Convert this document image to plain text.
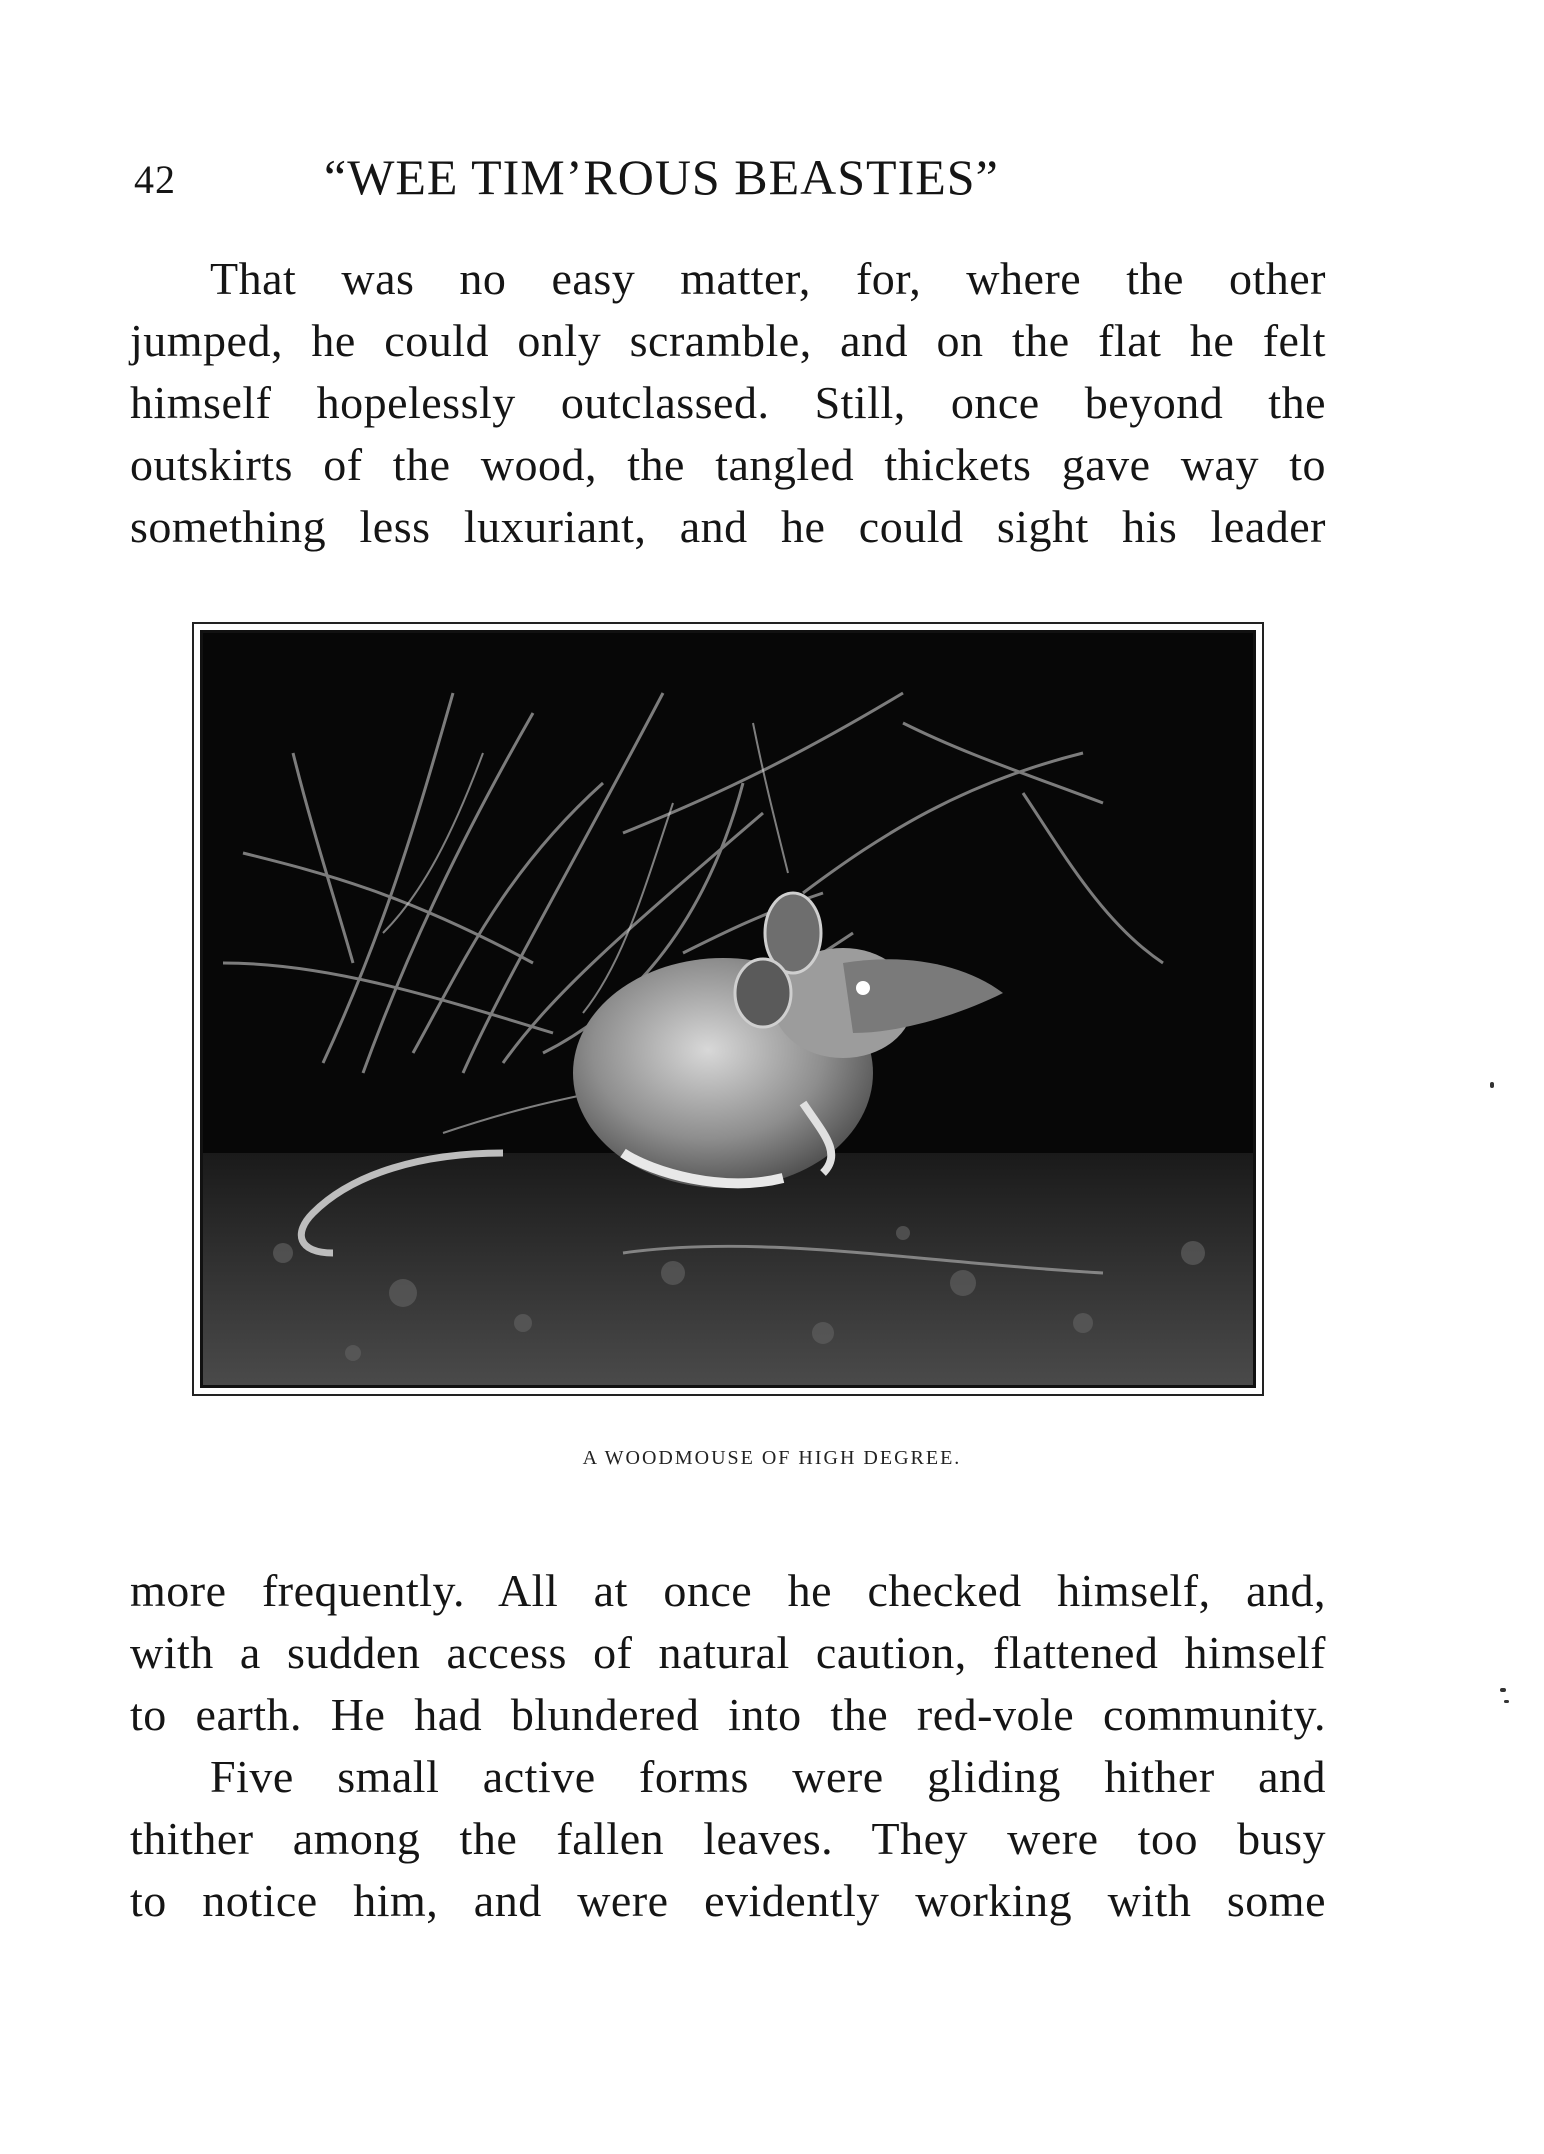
42	“WEE TIM’ROUS BEASTIES”
That was no easy matter, for, where the other
jumped, he could only scramble, and on the flat he felt
himself hopelessly outclassed. Still, once beyond the
outskirts of the wood, the tangled thickets gave way to
something less luxuriant, and he could sight his leader
A WOODMOUSE OF HIGH DEGREE.
more frequently. All at once he checked himself, and,
with a sudden access of natural caution, flattened himself
to earth. He had blundered into the red-vole community.
Five small active forms were gliding hither and
thither among the fallen leaves. They were too busy
to notice him, and were evidently working with some
